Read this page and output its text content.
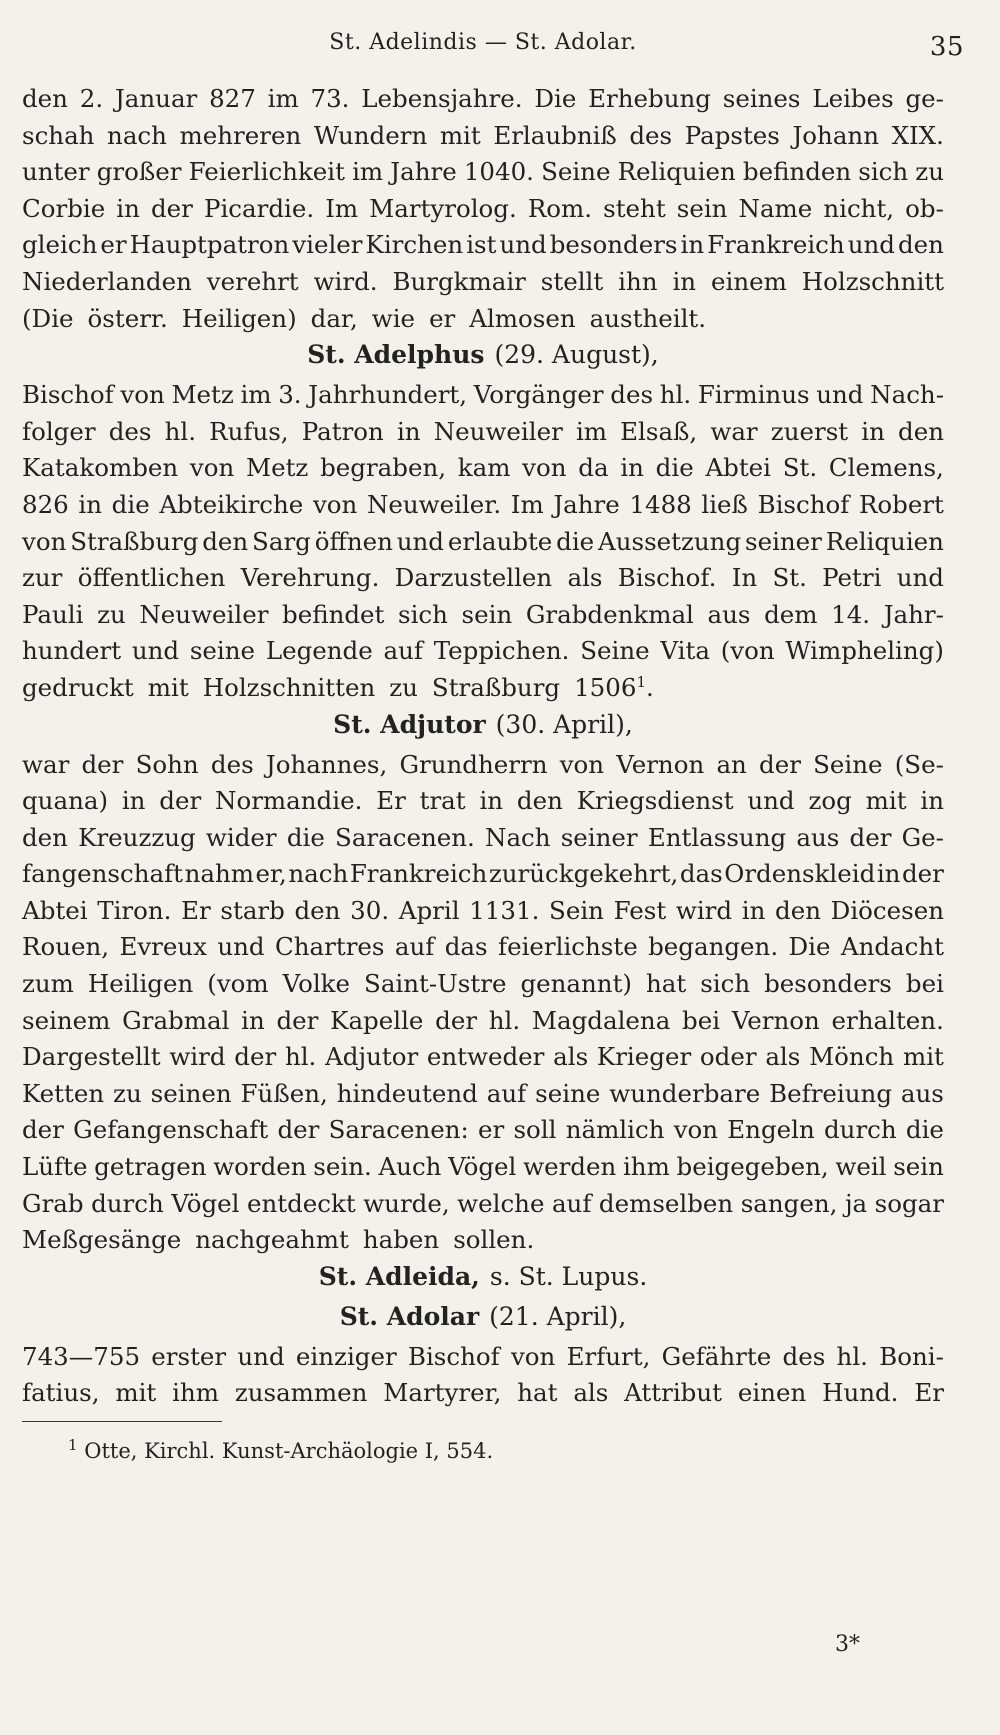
St. Adelindis — St. Adolar.	35
den 2. Januar 827 im 73. Lebensjahre. Die Erhebung seines Leibes ge-
schah nach mehreren Wundern mit Erlaubniß des Papstes Johann XIX.
unter großer Feierlichkeit im Jahre 1040. Seine Reliquien befinden sich zu
Corbie in der Picardie. Im Martyrolog. Rom. steht sein Name nicht, ob-
gleich er Hauptpatron vieler Kirchen ist und besonders in Frankreich und den
Niederlanden verehrt wird. Burgkmair stellt ihn in einem Holzschnitt
(Die österr. Heiligen) dar, wie er Almosen austheilt.
St. Adelphus (29. August),
Bischof von Metz im 3. Jahrhundert, Vorgänger des hl. Firminus und Nach-
folger des hl. Rufus, Patron in Neuweiler im Elsaß, war zuerst in den
Katakomben von Metz begraben, kam von da in die Abtei St. Clemens,
826 in die Abteikirche von Neuweiler. Im Jahre 1488 ließ Bischof Robert
von Straßburg den Sarg öffnen und erlaubte die Aussetzung seiner Reliquien
zur öffentlichen Verehrung. Darzustellen als Bischof. In St. Petri und
Pauli zu Neuweiler befindet sich sein Grabdenkmal aus dem 14. Jahr-
hundert und seine Legende auf Teppichen. Seine Vita (von Wimpheling)
gedruckt mit Holzschnitten zu Straßburg 1506$^1$.
St. Adjutor (30. April),
war der Sohn des Johannes, Grundherrn von Vernon an der Seine (Se-
quana) in der Normandie. Er trat in den Kriegsdienst und zog mit in
den Kreuzzug wider die Saracenen. Nach seiner Entlassung aus der Ge-
fangenschaft nahm er, nach Frankreich zurückgekehrt, das Ordenskleid in der
Abtei Tiron. Er starb den 30. April 1131. Sein Fest wird in den Diöcesen
Rouen, Evreux und Chartres auf das feierlichste begangen. Die Andacht
zum Heiligen (vom Volke Saint-Ustre genannt) hat sich besonders bei
seinem Grabmal in der Kapelle der hl. Magdalena bei Vernon erhalten.
Dargestellt wird der hl. Adjutor entweder als Krieger oder als Mönch mit
Ketten zu seinen Füßen, hindeutend auf seine wunderbare Befreiung aus
der Gefangenschaft der Saracenen: er soll nämlich von Engeln durch die
Lüfte getragen worden sein. Auch Vögel werden ihm beigegeben, weil sein
Grab durch Vögel entdeckt wurde, welche auf demselben sangen, ja sogar
Meßgesänge nachgeahmt haben sollen.
St. Adleida, s. St. Lupus.
St. Adolar (21. April),
743—755 erster und einziger Bischof von Erfurt, Gefährte des hl. Boni-
fatius, mit ihm zusammen Martyrer, hat als Attribut einen Hund. Er
$^1$ Otte, Kirchl. Kunst-Archäologie I, 554.
3*
